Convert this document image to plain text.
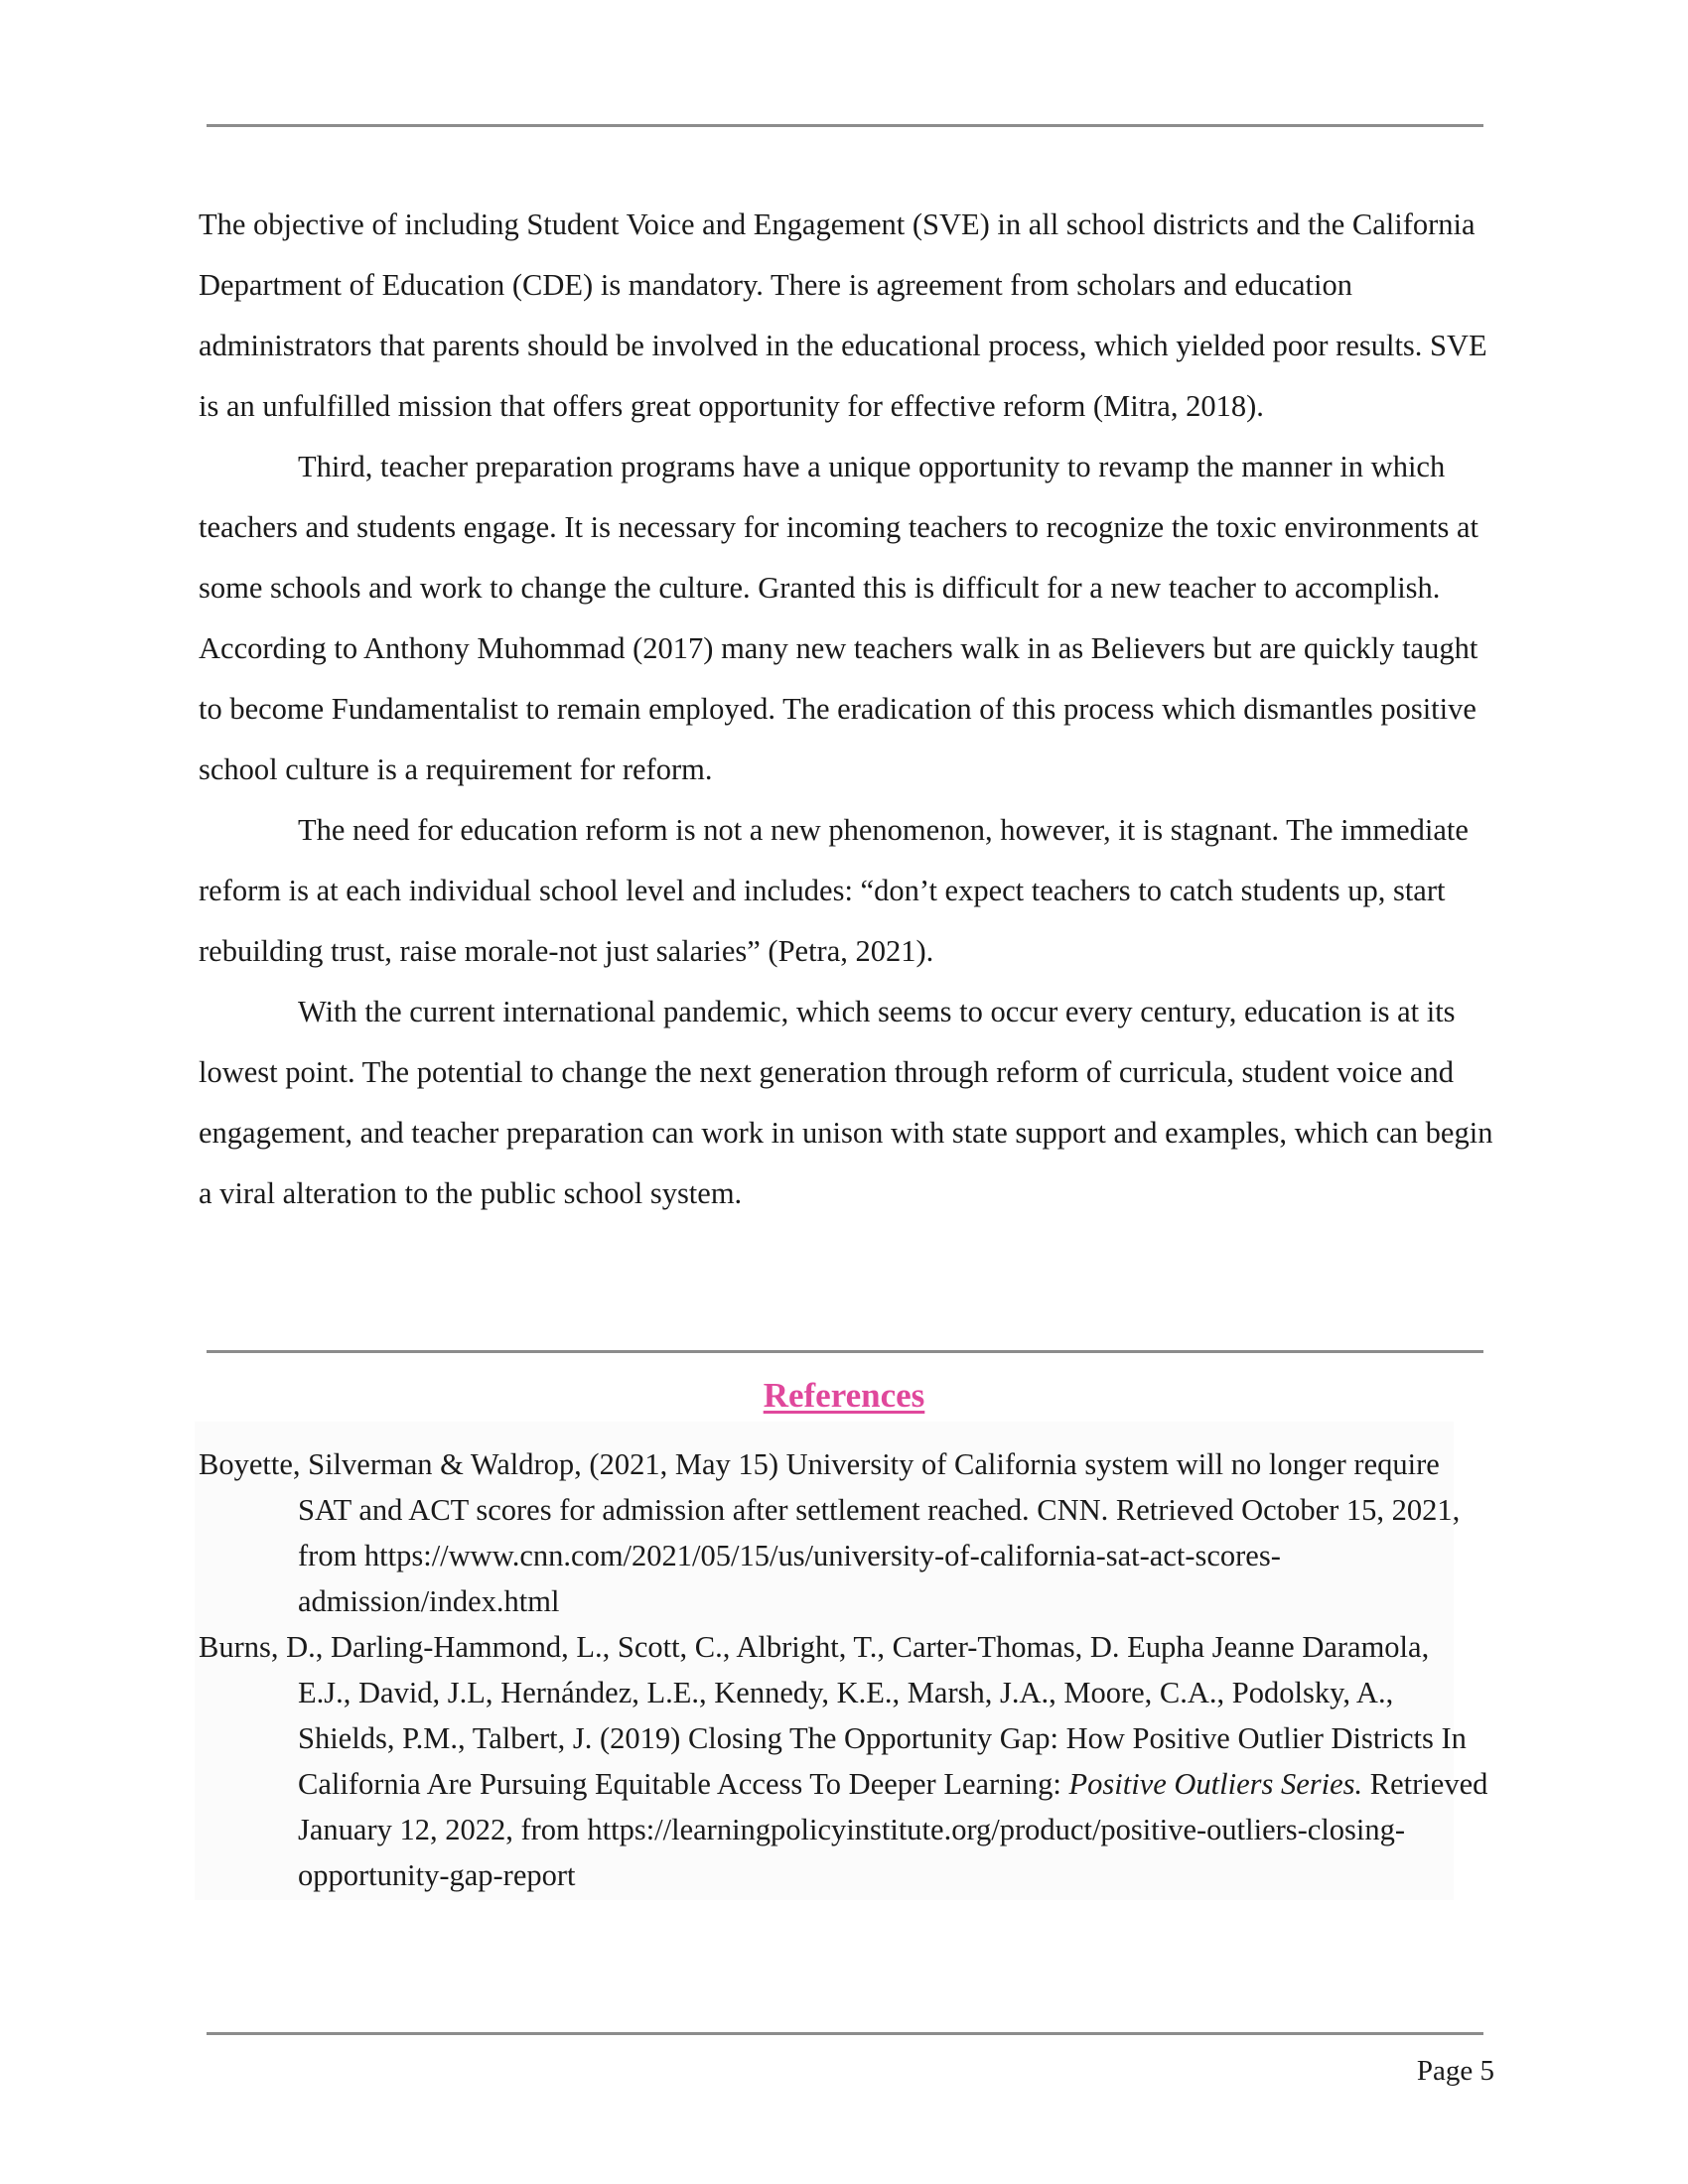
The objective of including Student Voice and Engagement (SVE) in all school districts and the California Department of Education (CDE) is mandatory. There is agreement from scholars and education administrators that parents should be involved in the educational process, which yielded poor results. SVE is an unfulfilled mission that offers great opportunity for effective reform (Mitra, 2018).

Third, teacher preparation programs have a unique opportunity to revamp the manner in which teachers and students engage. It is necessary for incoming teachers to recognize the toxic environments at some schools and work to change the culture. Granted this is difficult for a new teacher to accomplish. According to Anthony Muhommad (2017) many new teachers walk in as Believers but are quickly taught to become Fundamentalist to remain employed. The eradication of this process which dismantles positive school culture is a requirement for reform.

The need for education reform is not a new phenomenon, however, it is stagnant. The immediate reform is at each individual school level and includes: “don’t expect teachers to catch students up, start rebuilding trust, raise morale-not just salaries” (Petra, 2021).

With the current international pandemic, which seems to occur every century, education is at its lowest point. The potential to change the next generation through reform of curricula, student voice and engagement, and teacher preparation can work in unison with state support and examples, which can begin a viral alteration to the public school system.

References

Boyette, Silverman & Waldrop, (2021, May 15) University of California system will no longer require SAT and ACT scores for admission after settlement reached. CNN. Retrieved October 15, 2021, from https://www.cnn.com/2021/05/15/us/university-of-california-sat-act-scores-admission/index.html

Burns, D., Darling-Hammond, L., Scott, C., Albright, T., Carter-Thomas, D. Eupha Jeanne Daramola, E.J., David, J.L, Hernández, L.E., Kennedy, K.E., Marsh, J.A., Moore, C.A., Podolsky, A., Shields, P.M., Talbert, J. (2019) Closing The Opportunity Gap: How Positive Outlier Districts In California Are Pursuing Equitable Access To Deeper Learning: Positive Outliers Series. Retrieved January 12, 2022, from https://learningpolicyinstitute.org/product/positive-outliers-closing-opportunity-gap-report

Page 5
